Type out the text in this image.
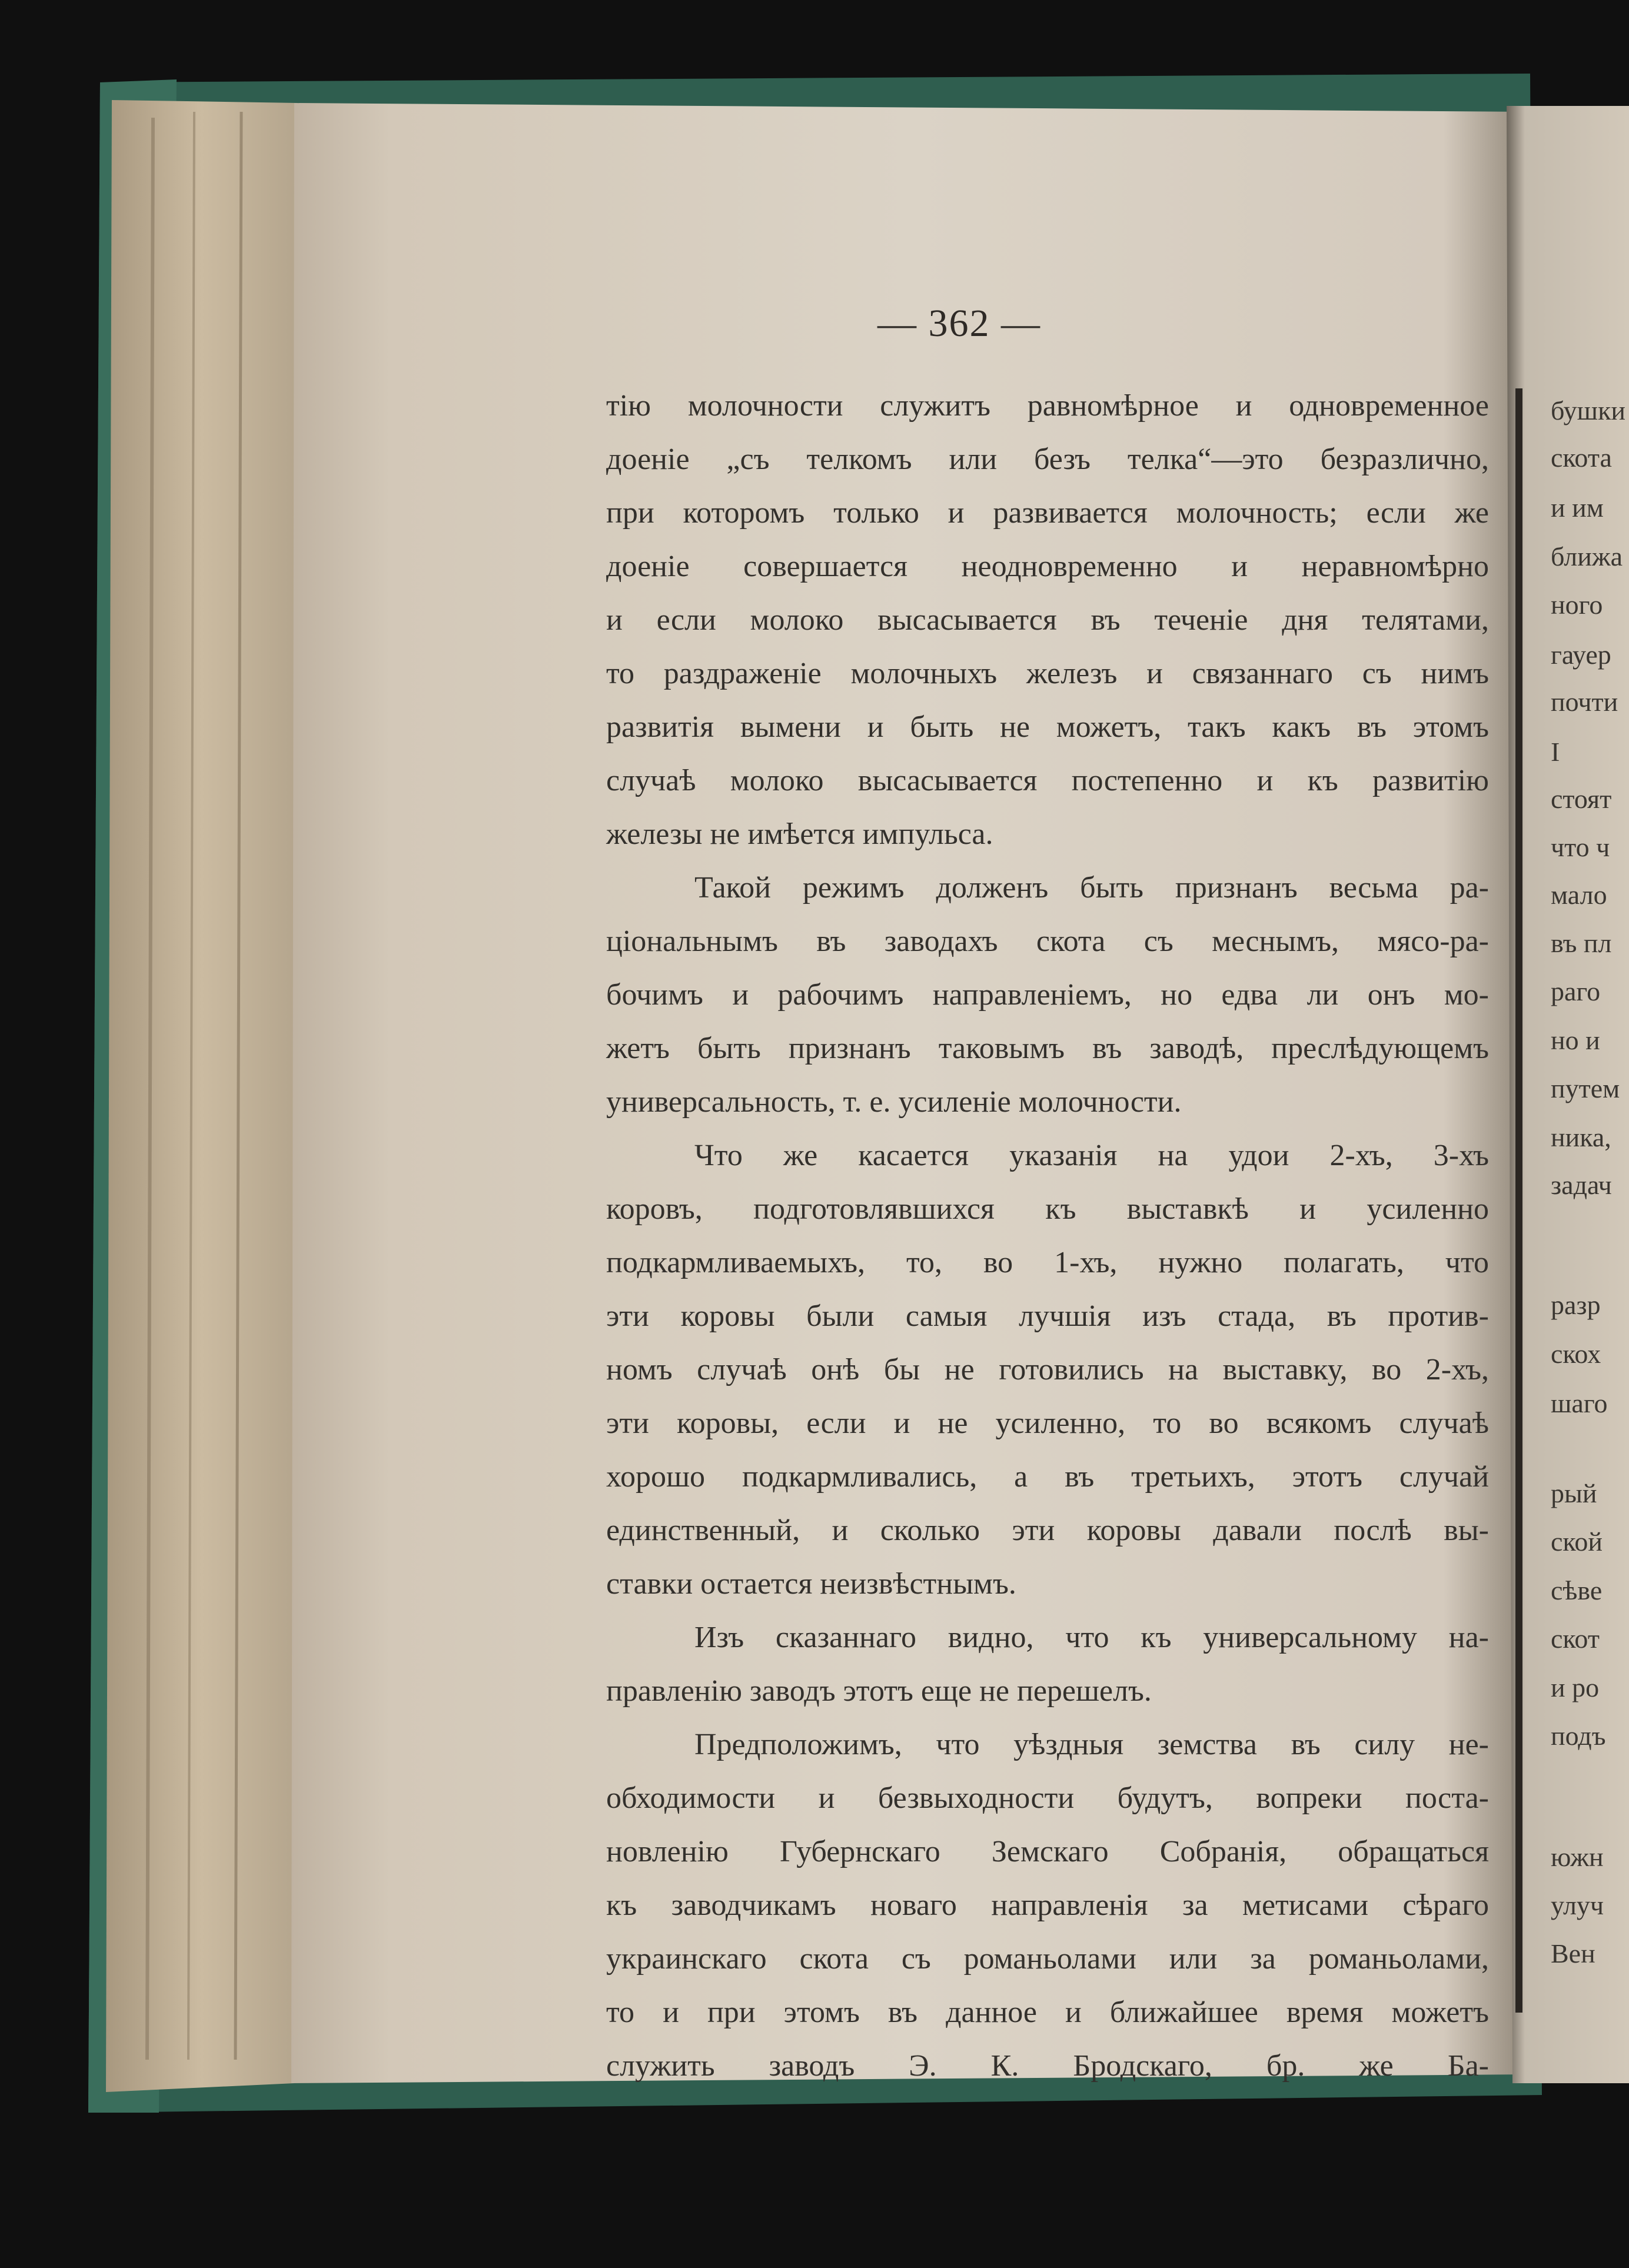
— 362 —
тію молочности служитъ равномѣрное и одновременное
доеніе „съ телкомъ или безъ телка“—это безразлично,
при которомъ только и развивается молочность; если же
доеніе совершается неодновременно и неравномѣрно
и если молоко высасывается въ теченіе дня телятами,
то раздраженіе молочныхъ железъ и связаннаго съ нимъ
развитія вымени и быть не можетъ, такъ какъ въ этомъ
случаѣ молоко высасывается постепенно и къ развитію
железы не имѣется импульса.
Такой режимъ долженъ быть признанъ весьма ра-
ціональнымъ въ заводахъ скота съ меснымъ, мясо-ра-
бочимъ и рабочимъ направленіемъ, но едва ли онъ мо-
жетъ быть признанъ таковымъ въ заводѣ, преслѣдующемъ
универсальность, т. е. усиленіе молочности.
Что же касается указанія на удои 2-хъ, 3-хъ
коровъ, подготовлявшихся къ выставкѣ и усиленно
подкармливаемыхъ, то, во 1-хъ, нужно полагать, что
эти коровы были самыя лучшія изъ стада, въ против-
номъ случаѣ онѣ бы не готовились на выставку, во 2-хъ,
эти коровы, если и не усиленно, то во всякомъ случаѣ
хорошо подкармливались, а въ третьихъ, этотъ случай
единственный, и сколько эти коровы давали послѣ вы-
ставки остается неизвѣстнымъ.
Изъ сказаннаго видно, что къ универсальному на-
правленію заводъ этотъ еще не перешелъ.
Предположимъ, что уѣздныя земства въ силу не-
обходимости и безвыходности будутъ, вопреки поста-
новленію Губернскаго Земскаго Собранія, обращаться
къ заводчикамъ новаго направленія за метисами сѣраго
украинскаго скота съ романьолами или за романьолами,
то и при этомъ въ данное и ближайшее время можетъ
служить заводъ Э. К. Бродскаго, бр. же Ба-
бушки
скота
и им
ближа
ного
гауер
почти
I
стоят
что ч
мало
въ пл
раго
но и
путем
ника,
задач
разр
скох
шаго
рый
ской
сѣве
скот
и ро
подъ
южн
улуч
Вен
